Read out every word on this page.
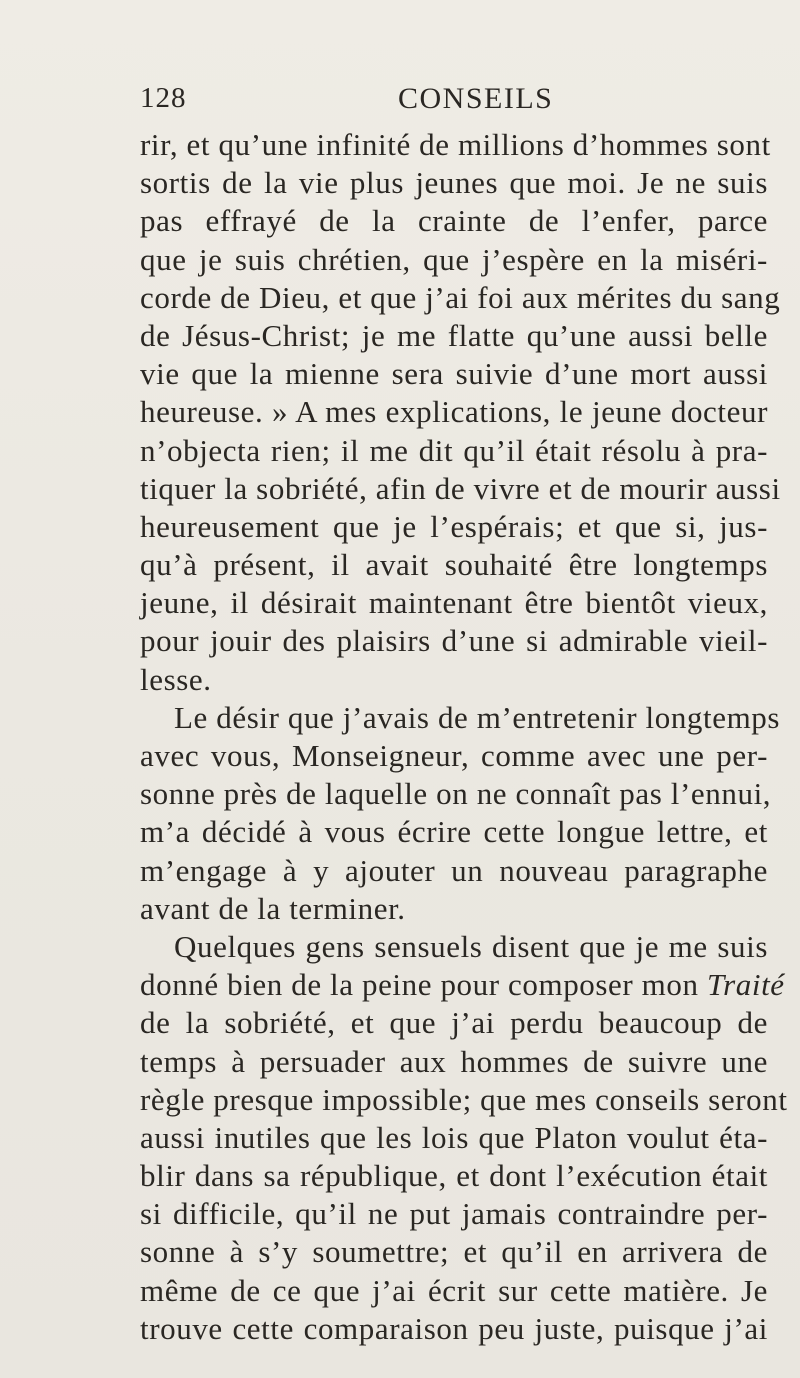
128	CONSEILS
rir, et qu’une infinité de millions d’hommes sont
sortis de la vie plus jeunes que moi. Je ne suis
pas effrayé de la crainte de l’enfer, parce
que je suis chrétien, que j’espère en la miséri-
corde de Dieu, et que j’ai foi aux mérites du sang
de Jésus-Christ; je me flatte qu’une aussi belle
vie que la mienne sera suivie d’une mort aussi
heureuse. » A mes explications, le jeune docteur
n’objecta rien; il me dit qu’il était résolu à pra-
tiquer la sobriété, afin de vivre et de mourir aussi
heureusement que je l’espérais; et que si, jus-
qu’à présent, il avait souhaité être longtemps
jeune, il désirait maintenant être bientôt vieux,
pour jouir des plaisirs d’une si admirable vieil-
lesse.
Le désir que j’avais de m’entretenir longtemps
avec vous, Monseigneur, comme avec une per-
sonne près de laquelle on ne connaît pas l’ennui,
m’a décidé à vous écrire cette longue lettre, et
m’engage à y ajouter un nouveau paragraphe
avant de la terminer.
Quelques gens sensuels disent que je me suis
donné bien de la peine pour composer mon Traité
de la sobriété, et que j’ai perdu beaucoup de
temps à persuader aux hommes de suivre une
règle presque impossible; que mes conseils seront
aussi inutiles que les lois que Platon voulut éta-
blir dans sa république, et dont l’exécution était
si difficile, qu’il ne put jamais contraindre per-
sonne à s’y soumettre; et qu’il en arrivera de
même de ce que j’ai écrit sur cette matière. Je
trouve cette comparaison peu juste, puisque j’ai
